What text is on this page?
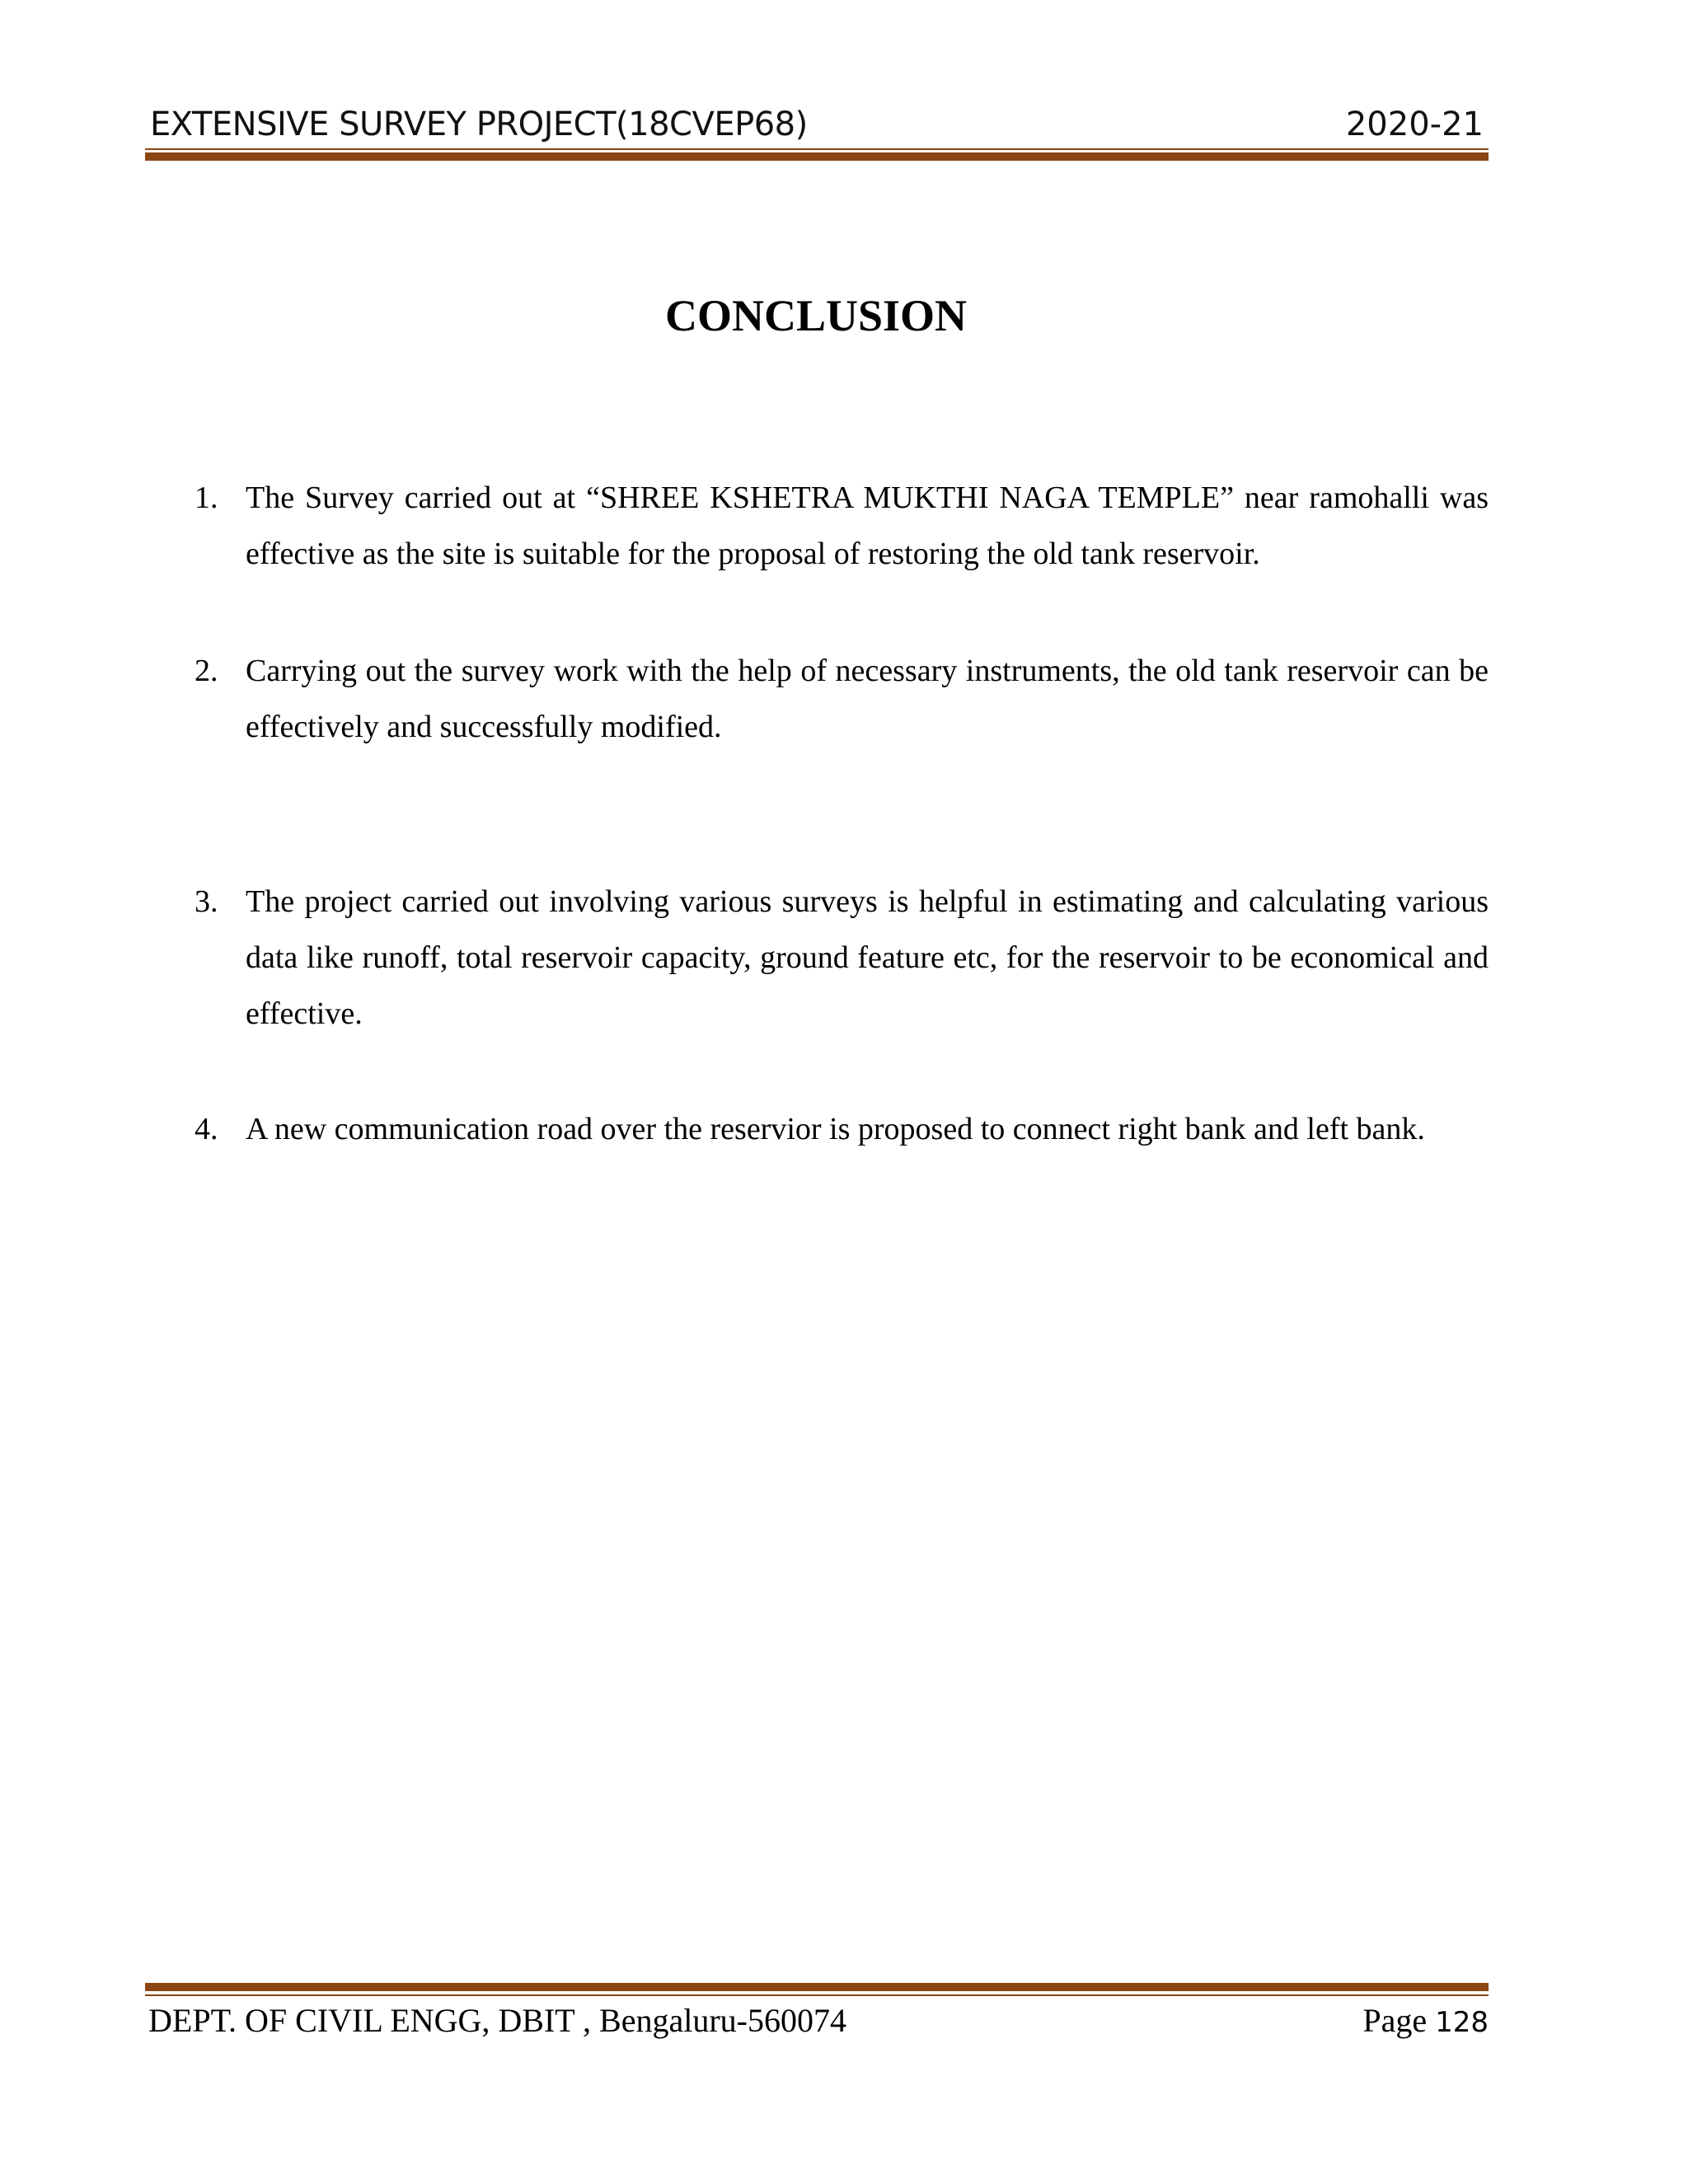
EXTENSIVE SURVEY PROJECT(18CVEP68)	2020-21
CONCLUSION
1. The Survey carried out at “SHREE KSHETRA MUKTHI NAGA TEMPLE” near ramohalli was effective as the site is suitable for the proposal of restoring the old tank reservoir.
2. Carrying out the survey work with the help of necessary instruments, the old tank reservoir can be effectively and successfully modified.
3. The project carried out involving various surveys is helpful in estimating and calculating various data like runoff, total reservoir capacity, ground feature etc, for the reservoir to be economical and effective.
4. A new communication road over the reservior is proposed to connect right bank and left bank.
DEPT. OF CIVIL ENGG, DBIT , Bengaluru-560074	Page 128
